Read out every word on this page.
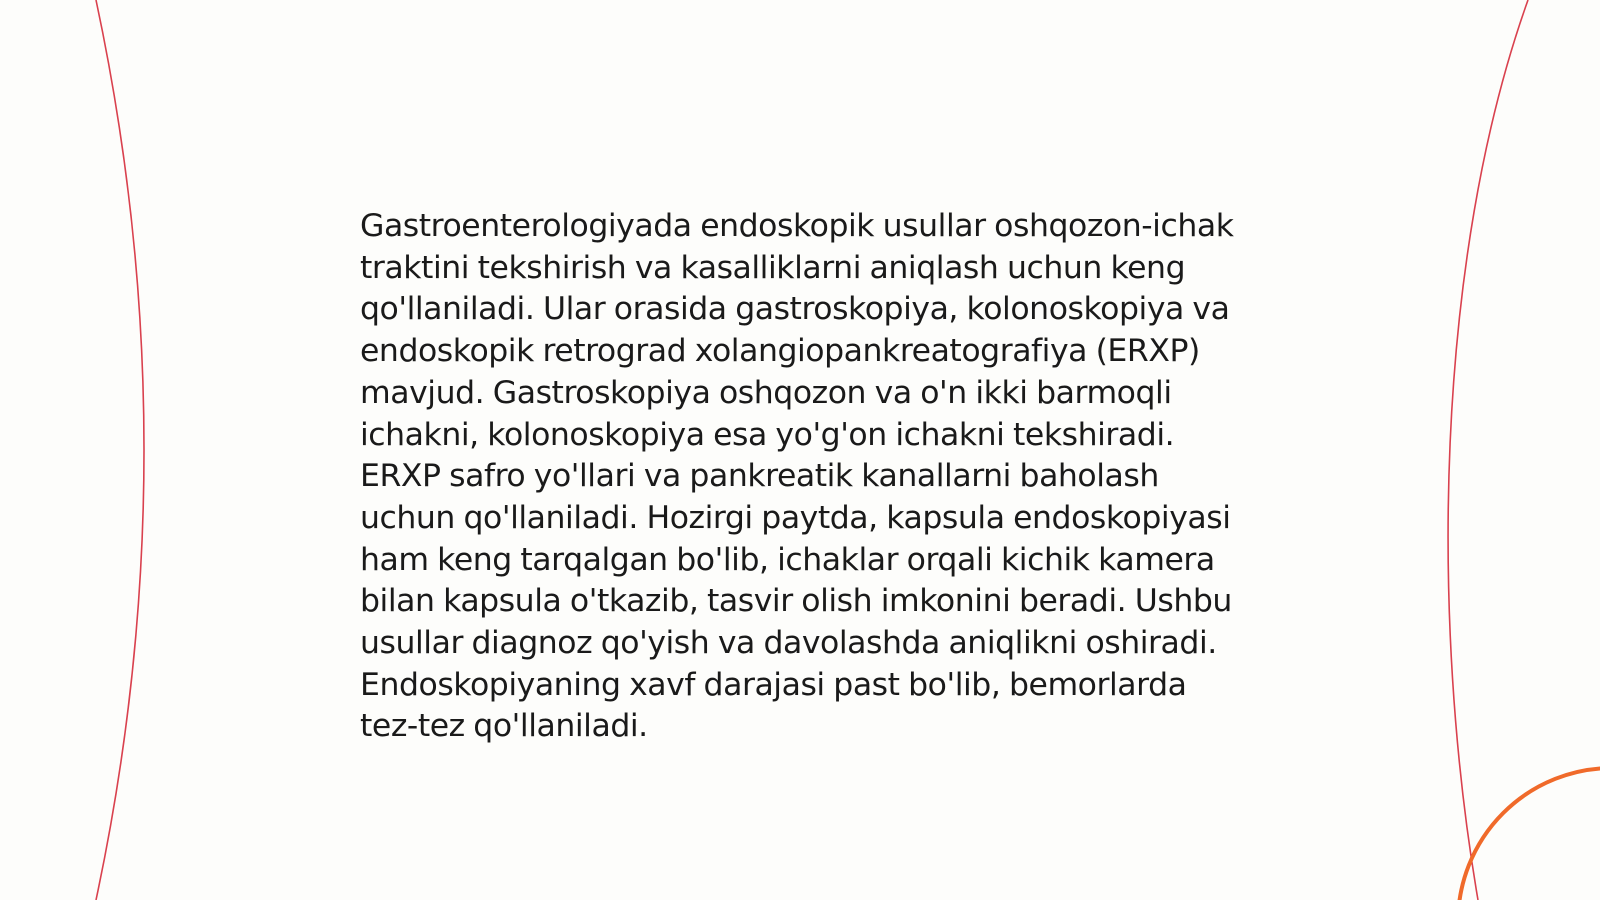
Gastroenterologiyada endoskopik usullar oshqozon-ichak traktini tekshirish va kasalliklarni aniqlash uchun keng qo'llaniladi. Ular orasida gastroskopiya, kolonoskopiya va endoskopik retrograd xolangiopankreatografiya (ERXP) mavjud. Gastroskopiya oshqozon va o'n ikki barmoqli ichakni, kolonoskopiya esa yo'g'on ichakni tekshiradi. ERXP safro yo'llari va pankreatik kanallarni baholash uchun qo'llaniladi. Hozirgi paytda, kapsula endoskopiyasi ham keng tarqalgan bo'lib, ichaklar orqali kichik kamera bilan kapsula o'tkazib, tasvir olish imkonini beradi. Ushbu usullar diagnoz qo'yish va davolashda aniqlikni oshiradi. Endoskopiyaning xavf darajasi past bo'lib, bemorlarda tez-tez qo'llaniladi.
